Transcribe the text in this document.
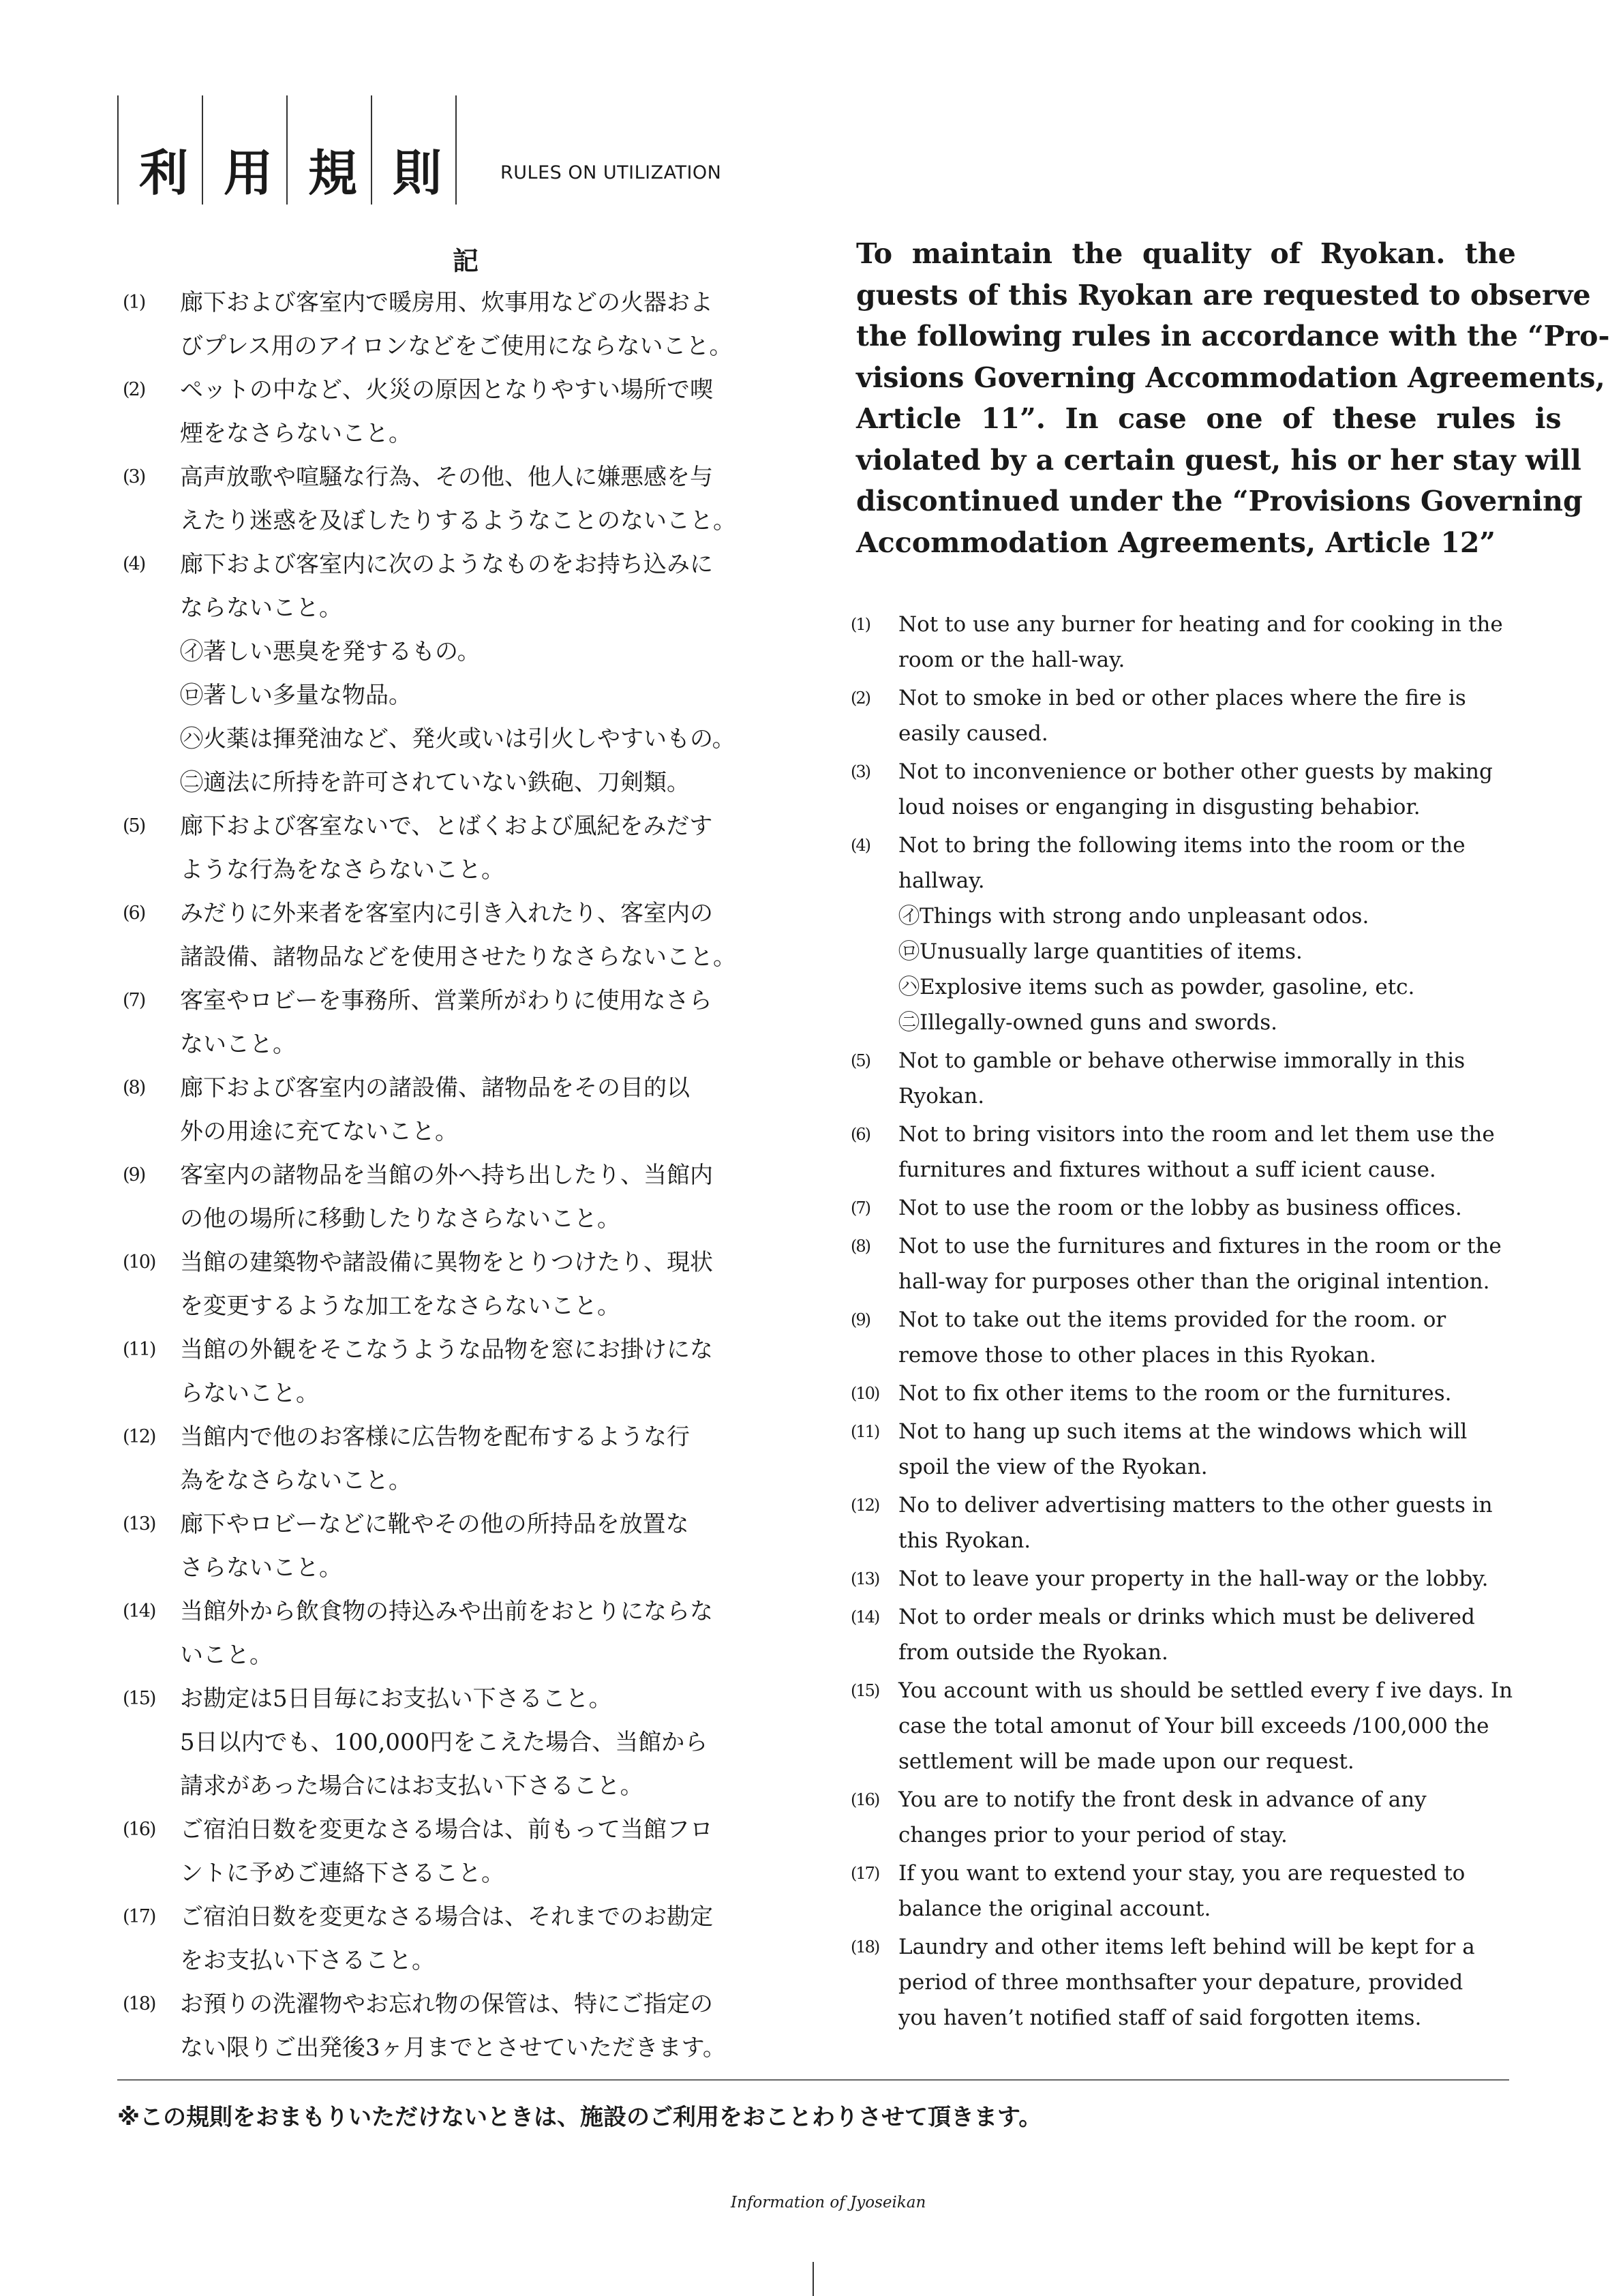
利 用 規 則	RULES ON UTILIZATION
記
(1) 廊下および客室内で暖房用、炊事用などの火器およ
びプレス用のアイロンなどをご使用にならないこと。
(2) ペットの中など、火災の原因となりやすい場所で喫
煙をなさらないこと。
(3) 高声放歌や喧騒な行為、その他、他人に嫌悪感を与
えたり迷惑を及ぼしたりするようなことのないこと。
(4) 廊下および客室内に次のようなものをお持ち込みに
ならないこと。
㋑著しい悪臭を発するもの。
㋺著しい多量な物品。
㋩火薬は揮発油など、発火或いは引火しやすいもの。
㊁適法に所持を許可されていない鉄砲、刀剣類。
(5) 廊下および客室ないで、とばくおよび風紀をみだす
ような行為をなさらないこと。
(6) みだりに外来者を客室内に引き入れたり、客室内の
諸設備、諸物品などを使用させたりなさらないこと。
(7) 客室やロビーを事務所、営業所がわりに使用なさら
ないこと。
(8) 廊下および客室内の諸設備、諸物品をその目的以
外の用途に充てないこと。
(9) 客室内の諸物品を当館の外へ持ち出したり、当館内
の他の場所に移動したりなさらないこと。
(10) 当館の建築物や諸設備に異物をとりつけたり、現状
を変更するような加工をなさらないこと。
(11) 当館の外観をそこなうような品物を窓にお掛けにな
らないこと。
(12) 当館内で他のお客様に広告物を配布するような行
為をなさらないこと。
(13) 廊下やロビーなどに靴やその他の所持品を放置な
さらないこと。
(14) 当館外から飲食物の持込みや出前をおとりにならな
いこと。
(15) お勘定は5日目毎にお支払い下さること。
5日以内でも、100,000円をこえた場合、当館から
請求があった場合にはお支払い下さること。
(16) ご宿泊日数を変更なさる場合は、前もって当館フロ
ントに予めご連絡下さること。
(17) ご宿泊日数を変更なさる場合は、それまでのお勘定
をお支払い下さること。
(18) お預りの洗濯物やお忘れ物の保管は、特にご指定の
ない限りご出発後3ヶ月までとさせていただきます。

To  maintain  the  quality  of  Ryokan.  the
guests of this Ryokan are requested to observe
the following rules in accordance with the “Pro-
visions Governing Accommodation Agreements,
Article  11”.  In  case  one  of  these  rules  is
violated by a certain guest, his or her stay will
discontinued under the “Provisions Governing
Accommodation Agreements, Article 12”

(1) Not to use any burner for heating and for cooking in the
room or the hall-way.
(2) Not to smoke in bed or other places where the fire is
easily caused.
(3) Not to inconvenience or bother other guests by making
loud noises or enganging in disgusting behabior.
(4) Not to bring the following items into the room or the
hallway.
㋑Things with strong ando unpleasant odos.
㋺Unusually large quantities of items.
㋩Explosive items such as powder, gasoline, etc.
㊁Illegally-owned guns and swords.
(5) Not to gamble or behave otherwise immorally in this
Ryokan.
(6) Not to bring visitors into the room and let them use the
furnitures and fixtures without a suff icient cause.
(7) Not to use the room or the lobby as business offices.
(8) Not to use the furnitures and fixtures in the room or the
hall-way for purposes other than the original intention.
(9) Not to take out the items provided for the room. or
remove those to other places in this Ryokan.
(10) Not to fix other items to the room or the furnitures.
(11) Not to hang up such items at the windows which will
spoil the view of the Ryokan.
(12) No to deliver advertising matters to the other guests in
this Ryokan.
(13) Not to leave your property in the hall-way or the lobby.
(14) Not to order meals or drinks which must be delivered
from outside the Ryokan.
(15) You account with us should be settled every f ive days. In
case the total amonut of Your bill exceeds /100,000 the
settlement will be made upon our request.
(16) You are to notify the front desk in advance of any
changes prior to your period of stay.
(17) If you want to extend your stay, you are requested to
balance the original account.
(18) Laundry and other items left behind will be kept for a
period of three monthsafter your depature, provided
you haven’t notified staff of said forgotten items.
※この規則をおまもりいただけないときは、施設のご利用をおことわりさせて頂きます。
Information of Jyoseikan
